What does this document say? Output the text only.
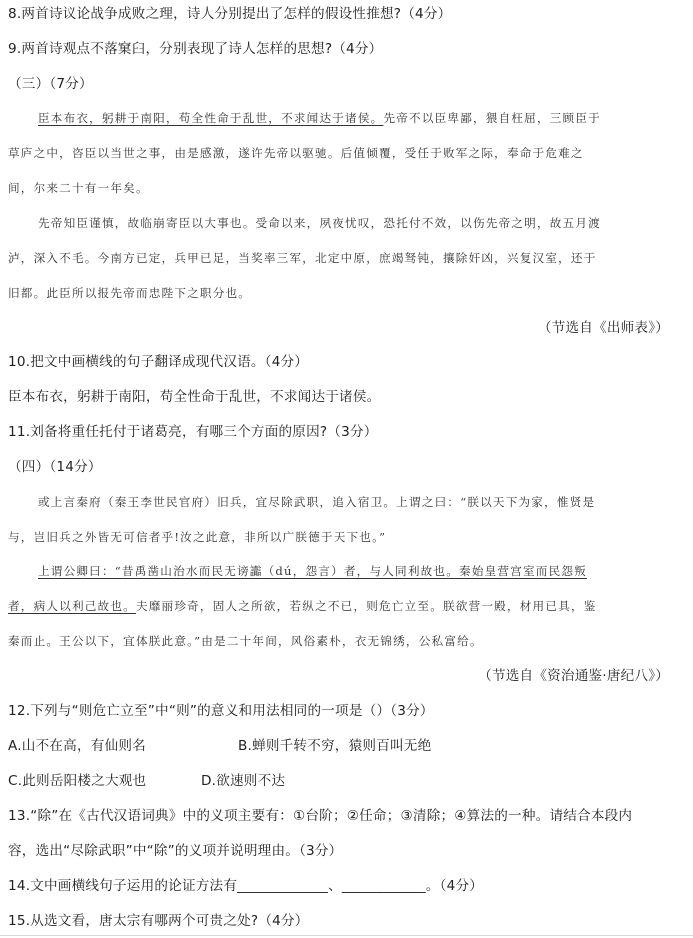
8.两首诗议论战争成败之理，诗人分别提出了怎样的假设性推想?（4分）
9.两首诗观点不落窠臼，分别表现了诗人怎样的思想?（4分）
（三）（7分）
臣本布衣，躬耕于南阳，苟全性命于乱世，不求闻达于诸侯。先帝不以臣卑鄙，猥自枉屈，三顾臣于
草庐之中，咨臣以当世之事，由是感激，遂许先帝以驱驰。后值倾覆，受任于败军之际，奉命于危难之
间，尔来二十有一年矣。
先帝知臣谨慎，故临崩寄臣以大事也。受命以来，夙夜忧叹，恐托付不效，以伤先帝之明，故五月渡
泸，深入不毛。今南方已定，兵甲已足，当奖率三军，北定中原，庶竭驽钝，攘除奸凶，兴复汉室，还于
旧都。此臣所以报先帝而忠陛下之职分也。
（节选自《出师表》）
10.把文中画横线的句子翻译成现代汉语。（4分）
臣本布衣，躬耕于南阳，苟全性命于乱世，不求闻达于诸侯。
11.刘备将重任托付于诸葛亮，有哪三个方面的原因?（3分）
（四）（14分）
或上言秦府（秦王李世民官府）旧兵，宜尽除武职，追入宿卫。上谓之曰：“朕以天下为家，惟贤是
与，岂旧兵之外皆无可信者乎!汝之此意，非所以广朕德于天下也。”
上谓公卿曰：“昔禹凿山治水而民无谤讟（dú，怨言）者，与人同利故也。秦始皇营宫室而民怨叛
者，病人以利己故也。夫靡丽珍奇，固人之所欲，若纵之不已，则危亡立至。朕欲营一殿，材用已具，鉴
秦而止。王公以下，宜体朕此意。”由是二十年间，风俗素朴，衣无锦绣，公私富给。
（节选自《资治通鉴·唐纪八》）
12.下列与“则危亡立至”中“则”的意义和用法相同的一项是（）（3分）
A.山不在高，有仙则名	B.蝉则千转不穷，猿则百叫无绝
C.此则岳阳楼之大观也	D.欲速则不达
13.“除”在《古代汉语词典》中的义项主要有：①台阶；②任命；③清除；④算法的一种。请结合本段内
容，选出“尽除武职”中“除”的义项并说明理由。（3分）
14.文中画横线句子运用的论证方法有_____________、____________。（4分）
15.从选文看，唐太宗有哪两个可贵之处?（4分）
